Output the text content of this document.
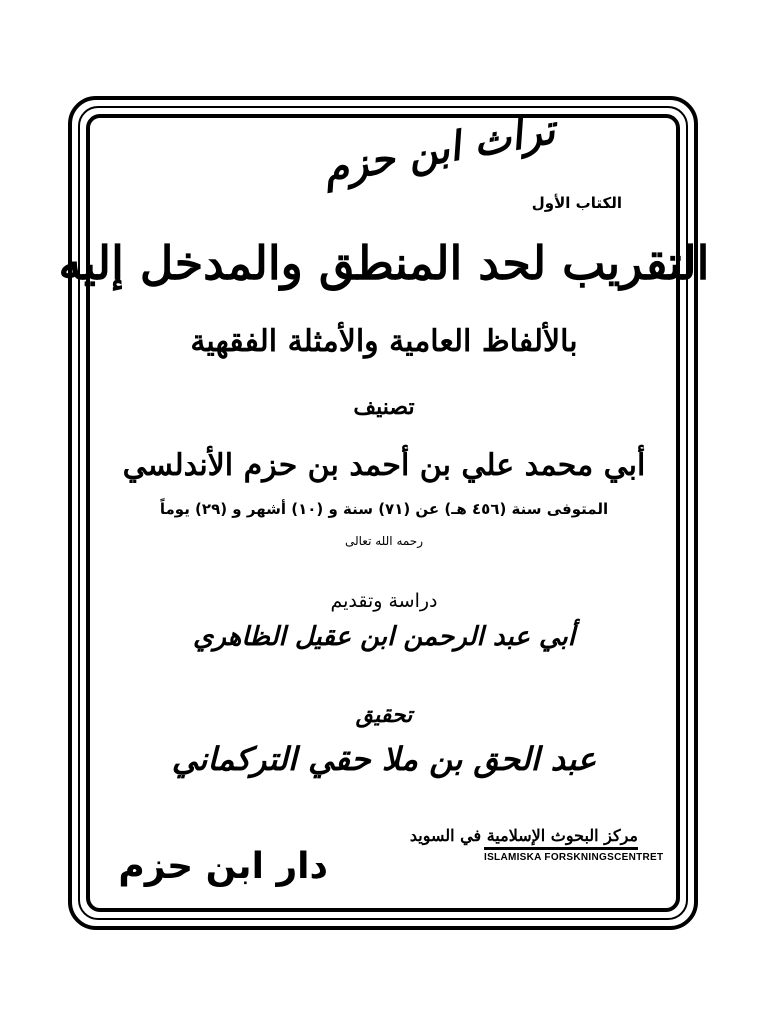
تراث ابن حزم
الكتاب الأول
التقريب لحد المنطق والمدخل إليه
بالألفاظ العامية والأمثلة الفقهية
تصنيف
أبي محمد علي بن أحمد بن حزم الأندلسي
المتوفى سنة (٤٥٦ هـ) عن (٧١) سنة و (١٠) أشهر و (٢٩) يوماً
رحمه الله تعالى
دراسة وتقديم
أبي عبد الرحمن ابن عقيل الظاهري
تحقيق
عبد الحق بن ملا حقي التركماني
دار ابن حزم
مركز البحوث الإسلامية في السويد
ISLAMISKA FORSKNINGSCENTRET
